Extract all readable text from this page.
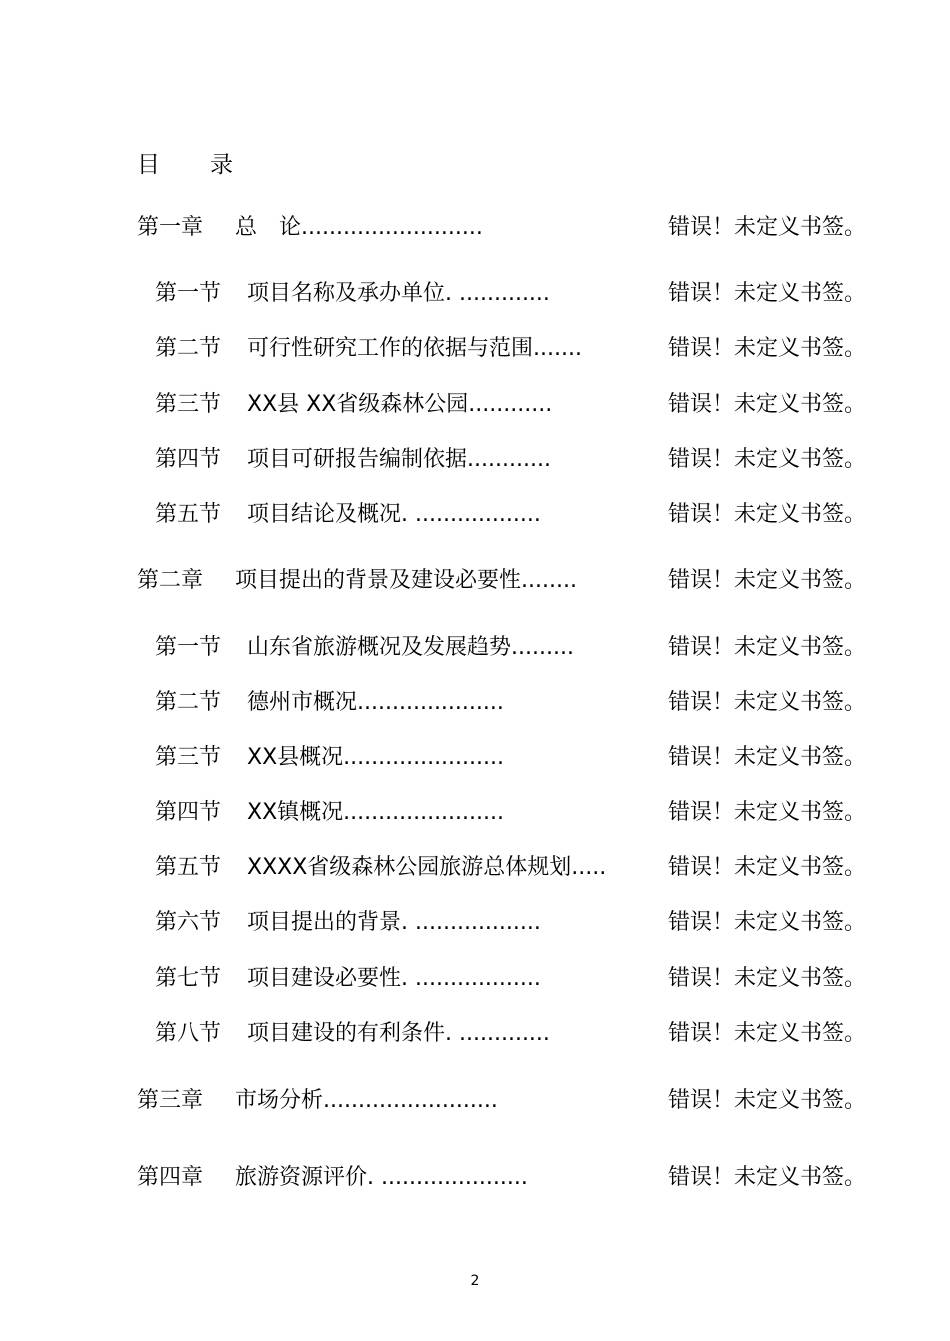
目 录
第一章 总　论..........................	错误！未定义书签。
第一节 项目名称及承办单位. .............	错误！未定义书签。
第二节 可行性研究工作的依据与范围.......	错误！未定义书签。
第三节 XX县 XX省级森林公园............	错误！未定义书签。
第四节 项目可研报告编制依据............	错误！未定义书签。
第五节 项目结论及概况. ..................	错误！未定义书签。
第二章 项目提出的背景及建设必要性........	错误！未定义书签。
第一节 山东省旅游概况及发展趋势.........	错误！未定义书签。
第二节 德州市概况.....................	错误！未定义书签。
第三节 XX县概况.......................	错误！未定义书签。
第四节 XX镇概况.......................	错误！未定义书签。
第五节 XXXX省级森林公园旅游总体规划.....	错误！未定义书签。
第六节 项目提出的背景. ..................	错误！未定义书签。
第七节 项目建设必要性. ..................	错误！未定义书签。
第八节 项目建设的有利条件. .............	错误！未定义书签。
第三章 市场分析.........................	错误！未定义书签。
第四章 旅游资源评价. .....................	错误！未定义书签。
2
